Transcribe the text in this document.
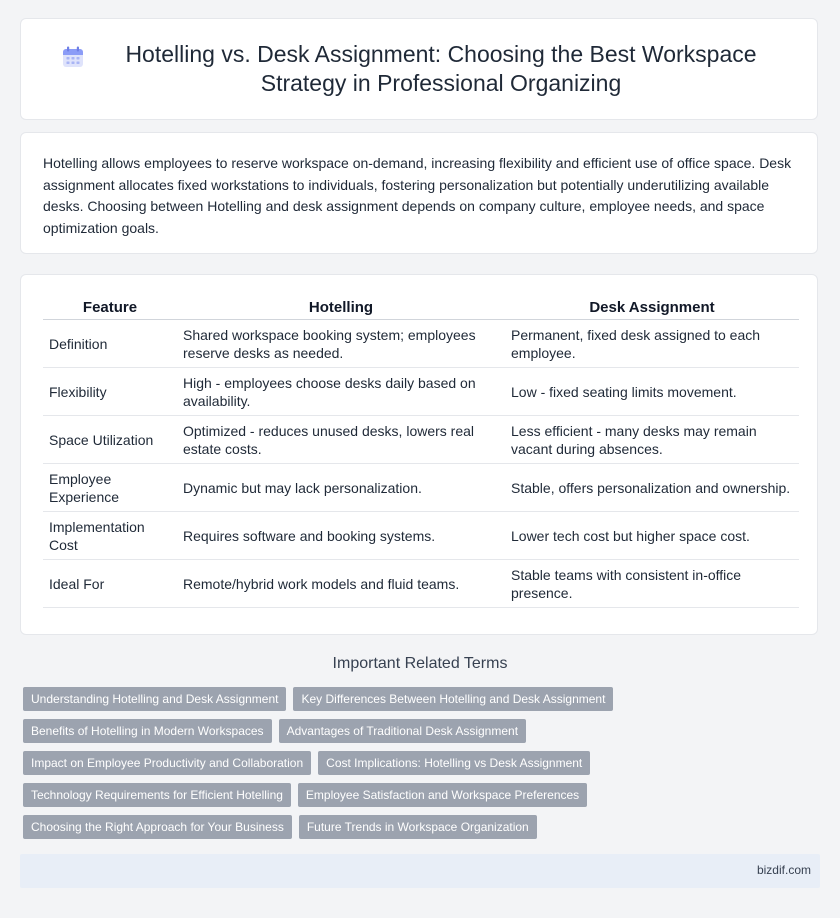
Hotelling vs. Desk Assignment: Choosing the Best Workspace Strategy in Professional Organizing

Hotelling allows employees to reserve workspace on-demand, increasing flexibility and efficient use of office space. Desk assignment allocates fixed workstations to individuals, fostering personalization but potentially underutilizing available desks. Choosing between Hotelling and desk assignment depends on company culture, employee needs, and space optimization goals.

Feature	Hotelling	Desk Assignment
Definition	Shared workspace booking system; employees reserve desks as needed.	Permanent, fixed desk assigned to each employee.
Flexibility	High - employees choose desks daily based on availability.	Low - fixed seating limits movement.
Space Utilization	Optimized - reduces unused desks, lowers real estate costs.	Less efficient - many desks may remain vacant during absences.
Employee Experience	Dynamic but may lack personalization.	Stable, offers personalization and ownership.
Implementation Cost	Requires software and booking systems.	Lower tech cost but higher space cost.
Ideal For	Remote/hybrid work models and fluid teams.	Stable teams with consistent in-office presence.
Important Related Terms
Understanding Hotelling and Desk Assignment	Key Differences Between Hotelling and Desk Assignment
Benefits of Hotelling in Modern Workspaces	Advantages of Traditional Desk Assignment
Impact on Employee Productivity and Collaboration	Cost Implications: Hotelling vs Desk Assignment
Technology Requirements for Efficient Hotelling	Employee Satisfaction and Workspace Preferences
Choosing the Right Approach for Your Business	Future Trends in Workspace Organization
bizdif.com
